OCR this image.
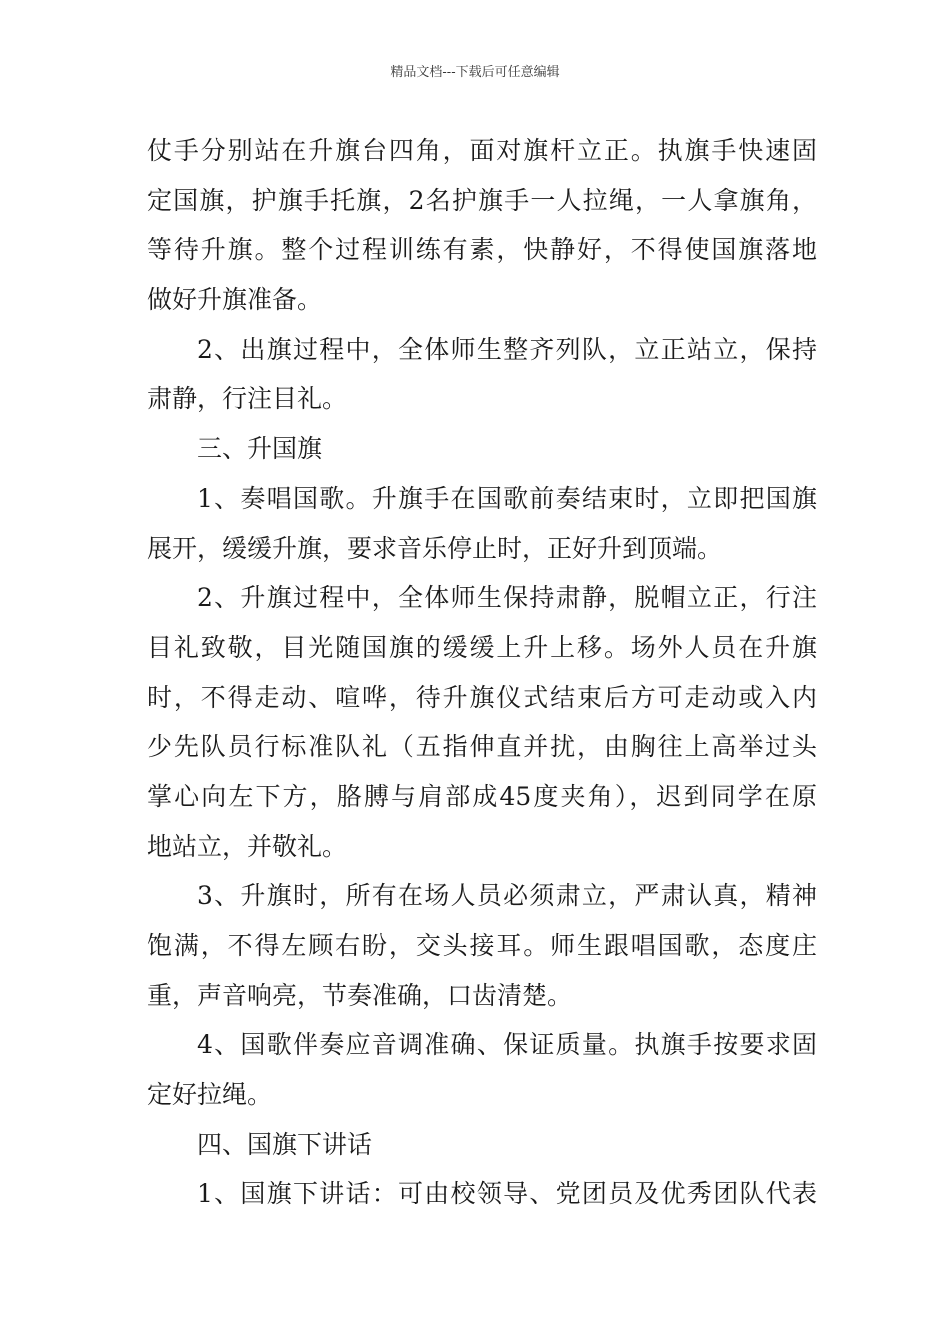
精品文档---下载后可任意编辑
仗手分别站在升旗台四角，面对旗杆立正。执旗手快速固
定国旗，护旗手托旗，2名护旗手一人拉绳，一人拿旗角，
等待升旗。整个过程训练有素，快静好，不得使国旗落地
做好升旗准备。
2、出旗过程中，全体师生整齐列队，立正站立，保持
肃静，行注目礼。
三、升国旗
1、奏唱国歌。升旗手在国歌前奏结束时，立即把国旗
展开，缓缓升旗，要求音乐停止时，正好升到顶端。
2、升旗过程中，全体师生保持肃静，脱帽立正，行注
目礼致敬，目光随国旗的缓缓上升上移。场外人员在升旗
时，不得走动、喧哗，待升旗仪式结束后方可走动或入内
少先队员行标准队礼（五指伸直并扰，由胸往上高举过头
掌心向左下方，胳膊与肩部成45度夹角），迟到同学在原
地站立，并敬礼。
3、升旗时，所有在场人员必须肃立，严肃认真，精神
饱满，不得左顾右盼，交头接耳。师生跟唱国歌，态度庄
重，声音响亮，节奏准确，口齿清楚。
4、国歌伴奏应音调准确、保证质量。执旗手按要求固
定好拉绳。
四、国旗下讲话
1、国旗下讲话：可由校领导、党团员及优秀团队代表
